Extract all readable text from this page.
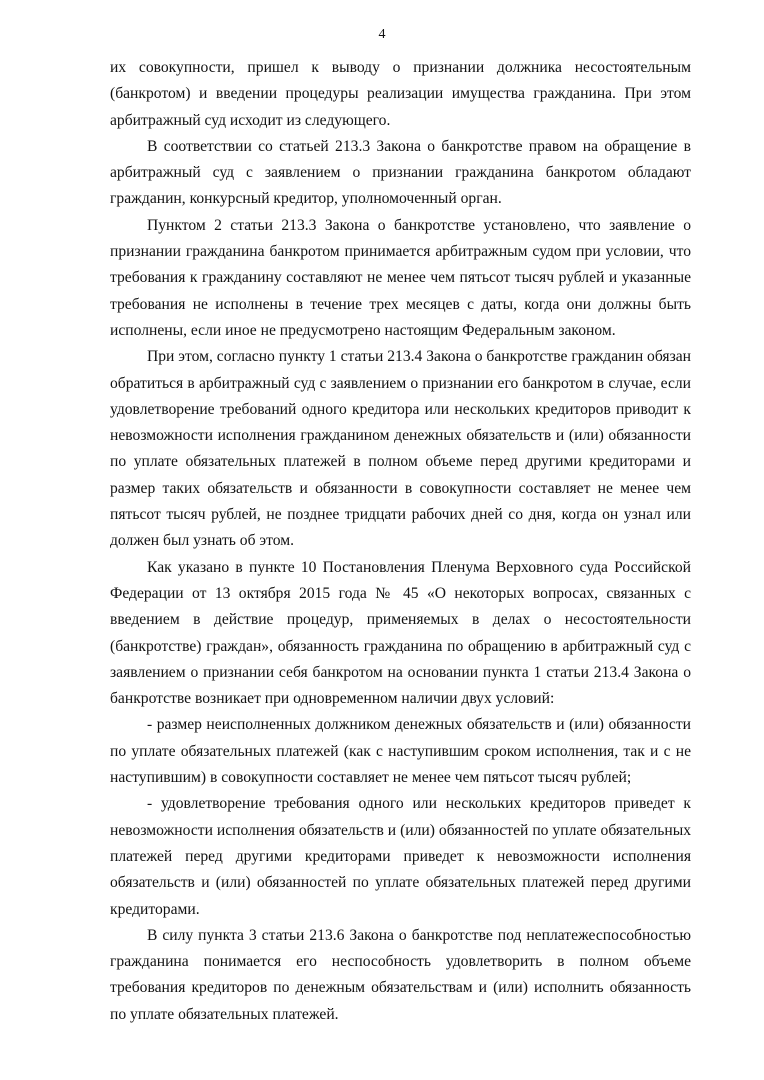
4

их совокупности, пришел к выводу о признании должника несостоятельным (банкротом) и введении процедуры реализации имущества гражданина. При этом арбитражный суд исходит из следующего.

В соответствии со статьей 213.3 Закона о банкротстве правом на обращение в арбитражный суд с заявлением о признании гражданина банкротом обладают гражданин, конкурсный кредитор, уполномоченный орган.

Пунктом 2 статьи 213.3 Закона о банкротстве установлено, что заявление о признании гражданина банкротом принимается арбитражным судом при условии, что требования к гражданину составляют не менее чем пятьсот тысяч рублей и указанные требования не исполнены в течение трех месяцев с даты, когда они должны быть исполнены, если иное не предусмотрено настоящим Федеральным законом.

При этом, согласно пункту 1 статьи 213.4 Закона о банкротстве гражданин обязан обратиться в арбитражный суд с заявлением о признании его банкротом в случае, если удовлетворение требований одного кредитора или нескольких кредиторов приводит к невозможности исполнения гражданином денежных обязательств и (или) обязанности по уплате обязательных платежей в полном объеме перед другими кредиторами и размер таких обязательств и обязанности в совокупности составляет не менее чем пятьсот тысяч рублей, не позднее тридцати рабочих дней со дня, когда он узнал или должен был узнать об этом.

Как указано в пункте 10 Постановления Пленума Верховного суда Российской Федерации от 13 октября 2015 года № 45 «О некоторых вопросах, связанных с введением в действие процедур, применяемых в делах о несостоятельности (банкротстве) граждан», обязанность гражданина по обращению в арбитражный суд с заявлением о признании себя банкротом на основании пункта 1 статьи 213.4 Закона о банкротстве возникает при одновременном наличии двух условий:

- размер неисполненных должником денежных обязательств и (или) обязанности по уплате обязательных платежей (как с наступившим сроком исполнения, так и с не наступившим) в совокупности составляет не менее чем пятьсот тысяч рублей;

- удовлетворение требования одного или нескольких кредиторов приведет к невозможности исполнения обязательств и (или) обязанностей по уплате обязательных платежей перед другими кредиторами приведет к невозможности исполнения обязательств и (или) обязанностей по уплате обязательных платежей перед другими кредиторами.

В силу пункта 3 статьи 213.6 Закона о банкротстве под неплатежеспособностью гражданина понимается его неспособность удовлетворить в полном объеме требования кредиторов по денежным обязательствам и (или) исполнить обязанность по уплате обязательных платежей.
